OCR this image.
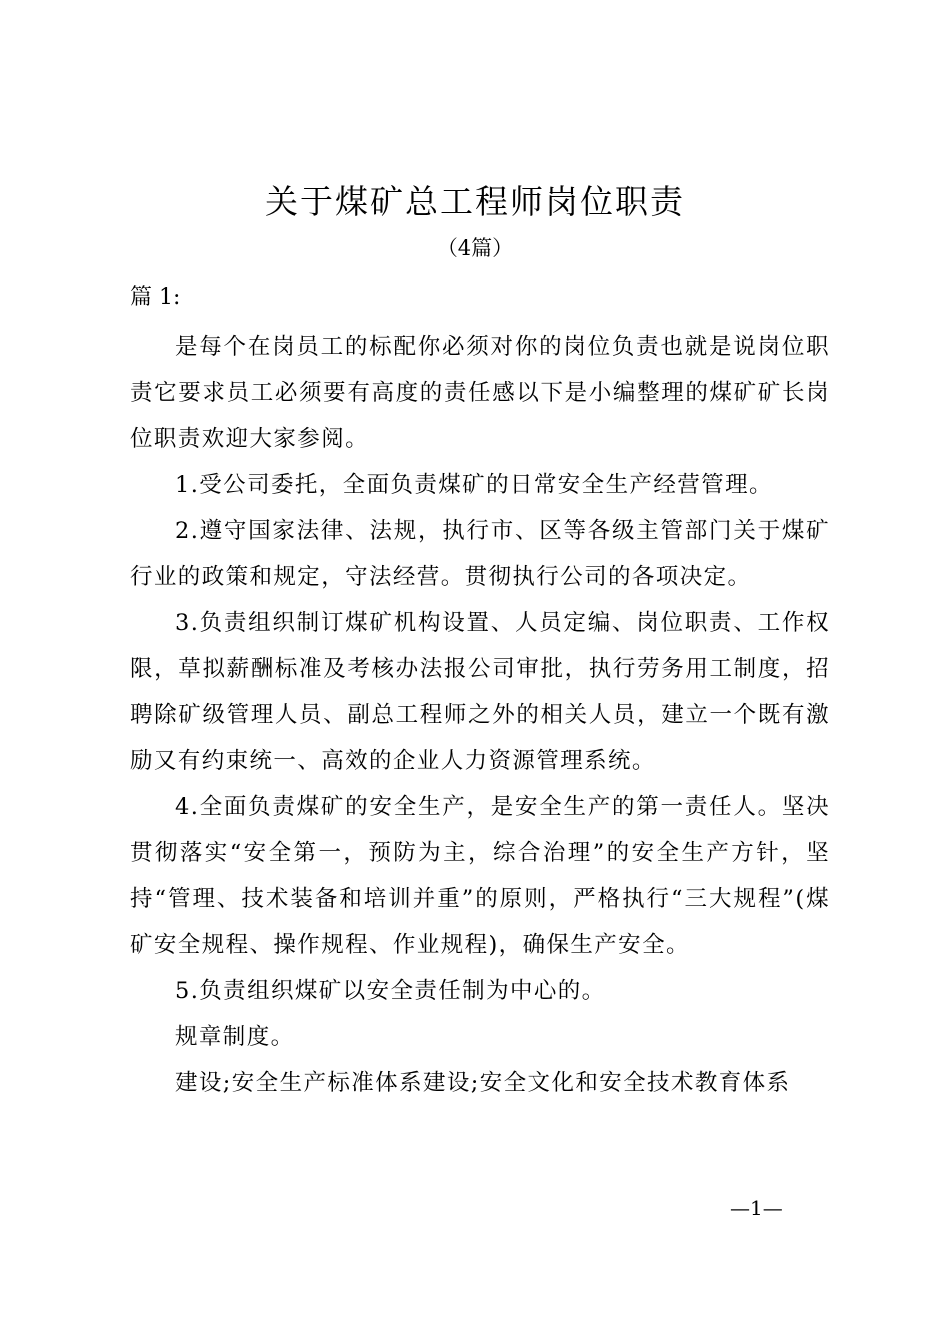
关于煤矿总工程师岗位职责
（4篇）
篇 1:

是每个在岗员工的标配你必须对你的岗位负责也就是说岗位职责它要求员工必须要有高度的责任感以下是小编整理的煤矿矿长岗位职责欢迎大家参阅。

1.受公司委托，全面负责煤矿的日常安全生产经营管理。

2.遵守国家法律、法规，执行市、区等各级主管部门关于煤矿行业的政策和规定，守法经营。贯彻执行公司的各项决定。

3.负责组织制订煤矿机构设置、人员定编、岗位职责、工作权限，草拟薪酬标准及考核办法报公司审批，执行劳务用工制度，招聘除矿级管理人员、副总工程师之外的相关人员，建立一个既有激励又有约束统一、高效的企业人力资源管理系统。

4.全面负责煤矿的安全生产，是安全生产的第一责任人。坚决贯彻落实“安全第一，预防为主，综合治理”的安全生产方针，坚持“管理、技术装备和培训并重”的原则，严格执行“三大规程”(煤矿安全规程、操作规程、作业规程)，确保生产安全。

5.负责组织煤矿以安全责任制为中心的。

规章制度。

建设;安全生产标准体系建设;安全文化和安全技术教育体系

—1—
